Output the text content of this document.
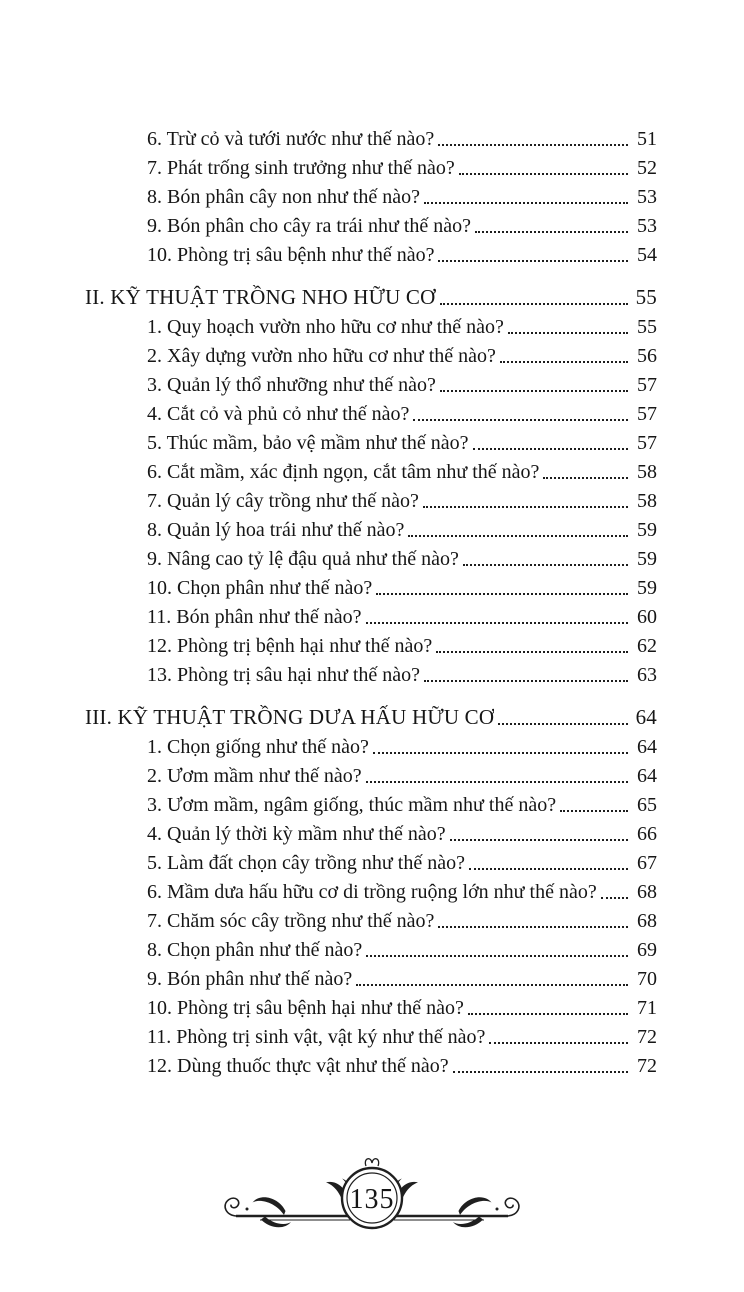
6. Trừ cỏ và tưới nước như thế nào?	51
7. Phát trống sinh trưởng như thế nào?	52
8. Bón phân cây non như thế nào?	53
9. Bón phân cho cây ra trái như thế nào?	53
10. Phòng trị sâu bệnh như thế nào?	54
II. KỸ THUẬT TRỒNG NHO HỮU CƠ	55
1. Quy hoạch vườn nho hữu cơ như thế nào?	55
2. Xây dựng vườn nho hữu cơ như thế nào?	56
3. Quản lý thổ nhưỡng như thế nào?	57
4. Cắt cỏ và phủ cỏ như thế nào?	57
5. Thúc mầm, bảo vệ mầm như thế nào?	57
6. Cắt mầm, xác định ngọn, cắt tâm như thế nào?	58
7. Quản lý cây trồng như thế nào?	58
8. Quản lý hoa trái như thế nào?	59
9. Nâng cao tỷ lệ đậu quả như thế nào?	59
10. Chọn phân như thế nào?	59
11. Bón phân như thế nào?	60
12. Phòng trị bệnh hại như thế nào?	62
13. Phòng trị sâu hại như thế nào?	63
III. KỸ THUẬT TRỒNG DƯA HẤU HỮU CƠ	64
1. Chọn giống như thế nào?	64
2. Ươm mầm như thế nào?	64
3. Ươm mầm, ngâm giống, thúc mầm như thế nào?	65
4. Quản lý thời kỳ mầm như thế nào?	66
5. Làm đất chọn cây trồng như thế nào?	67
6. Mầm dưa hấu hữu cơ di trồng ruộng lớn như thế nào?	68
7. Chăm sóc cây trồng như thế nào?	68
8. Chọn phân như thế nào?	69
9. Bón phân như thế nào?	70
10. Phòng trị sâu bệnh hại như thế nào?	71
11. Phòng trị sinh vật, vật ký như thế nào?	72
12. Dùng thuốc thực vật như thế nào?	72
135
